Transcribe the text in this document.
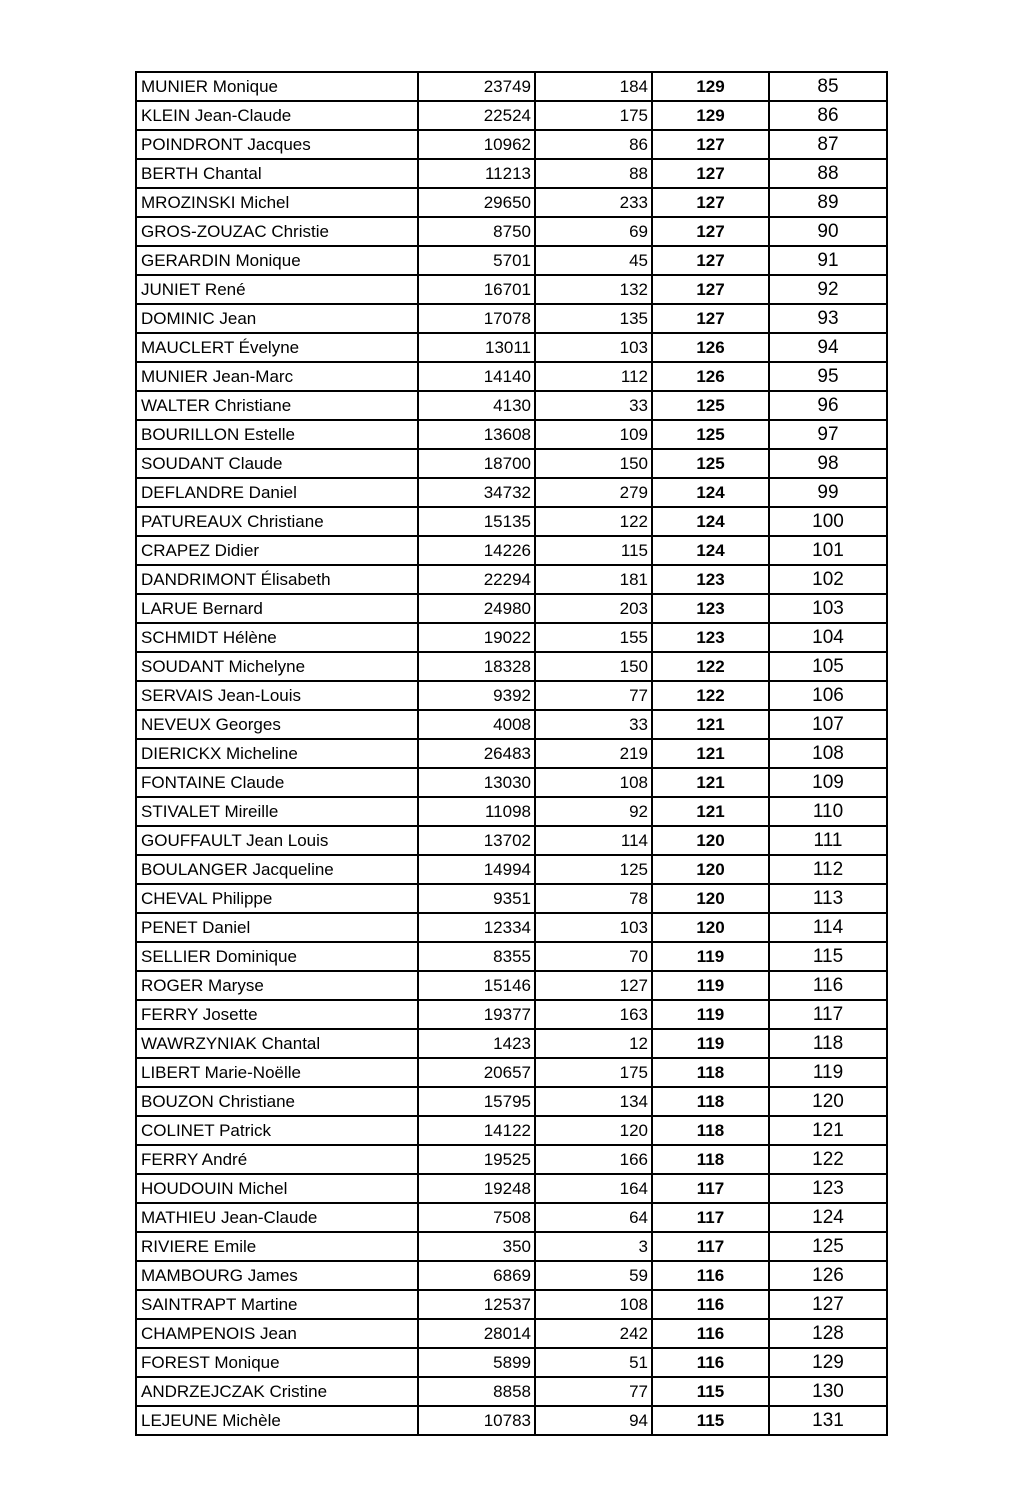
MUNIER Monique	23749	184	129	85
KLEIN Jean-Claude	22524	175	129	86
POINDRONT Jacques	10962	86	127	87
BERTH Chantal	11213	88	127	88
MROZINSKI Michel	29650	233	127	89
GROS-ZOUZAC Christie	8750	69	127	90
GERARDIN Monique	5701	45	127	91
JUNIET René	16701	132	127	92
DOMINIC Jean	17078	135	127	93
MAUCLERT Évelyne	13011	103	126	94
MUNIER Jean-Marc	14140	112	126	95
WALTER Christiane	4130	33	125	96
BOURILLON Estelle	13608	109	125	97
SOUDANT Claude	18700	150	125	98
DEFLANDRE Daniel	34732	279	124	99
PATUREAUX Christiane	15135	122	124	100
CRAPEZ Didier	14226	115	124	101
DANDRIMONT Élisabeth	22294	181	123	102
LARUE Bernard	24980	203	123	103
SCHMIDT Hélène	19022	155	123	104
SOUDANT Michelyne	18328	150	122	105
SERVAIS Jean-Louis	9392	77	122	106
NEVEUX Georges	4008	33	121	107
DIERICKX Micheline	26483	219	121	108
FONTAINE Claude	13030	108	121	109
STIVALET Mireille	11098	92	121	110
GOUFFAULT Jean Louis	13702	114	120	111
BOULANGER Jacqueline	14994	125	120	112
CHEVAL Philippe	9351	78	120	113
PENET Daniel	12334	103	120	114
SELLIER Dominique	8355	70	119	115
ROGER Maryse	15146	127	119	116
FERRY Josette	19377	163	119	117
WAWRZYNIAK Chantal	1423	12	119	118
LIBERT Marie-Noëlle	20657	175	118	119
BOUZON Christiane	15795	134	118	120
COLINET Patrick	14122	120	118	121
FERRY André	19525	166	118	122
HOUDOUIN Michel	19248	164	117	123
MATHIEU Jean-Claude	7508	64	117	124
RIVIERE Emile	350	3	117	125
MAMBOURG James	6869	59	116	126
SAINTRAPT Martine	12537	108	116	127
CHAMPENOIS Jean	28014	242	116	128
FOREST Monique	5899	51	116	129
ANDRZEJCZAK Cristine	8858	77	115	130
LEJEUNE Michèle	10783	94	115	131
